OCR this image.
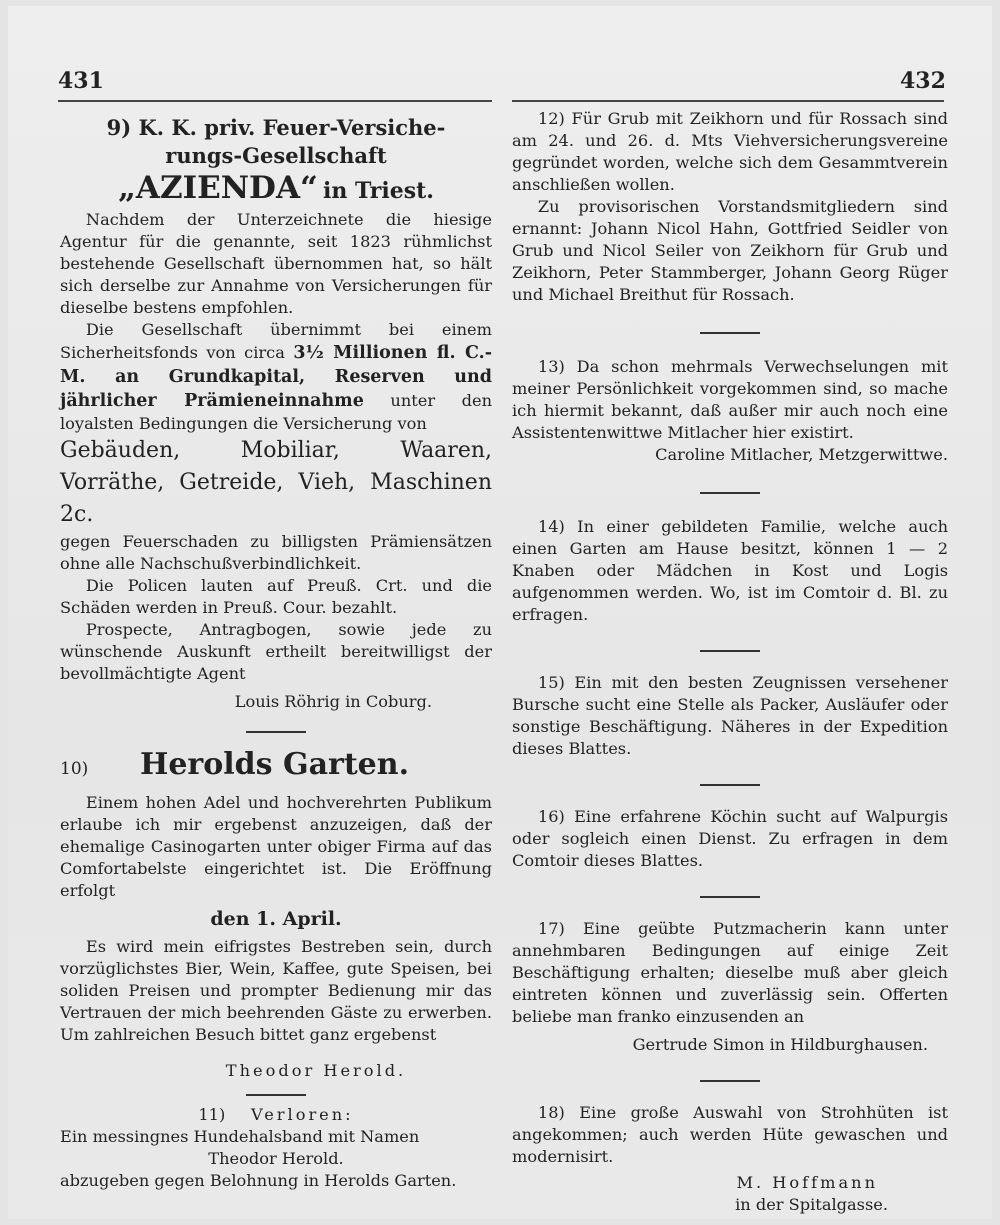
431	432

9) K. K. priv. Feuer-Versiche-

rungs-Gesellschaft

„AZIENDA“ in Triest.

Nachdem der Unterzeichnete die hiesige Agentur für die genannte, seit 1823 rühmlichst bestehende Gesellschaft übernommen hat, so hält sich derselbe zur Annahme von Versicherungen für dieselbe bestens empfohlen.

Die Gesellschaft übernimmt bei einem Sicherheitsfonds von circa 3½ Millionen fl. C.-M. an Grundkapital, Reserven und jährlicher Prämieneinnahme unter den loyalsten Bedingungen die Versicherung von

Gebäuden, Mobiliar, Waaren, Vorräthe, Getreide, Vieh, Maschinen 2c.

gegen Feuerschaden zu billigsten Prämiensätzen ohne alle Nachschußverbindlichkeit.

Die Policen lauten auf Preuß. Crt. und die Schäden werden in Preuß. Cour. bezahlt.

Prospecte, Antragbogen, sowie jede zu wünschende Auskunft ertheilt bereitwilligst der bevollmächtigte Agent

Louis Röhrig in Coburg.

10)	Herolds Garten.

Einem hohen Adel und hochverehrten Publikum erlaube ich mir ergebenst anzuzeigen, daß der ehemalige Casinogarten unter obiger Firma auf das Comfortabelste eingerichtet ist. Die Eröffnung erfolgt

den 1. April.

Es wird mein eifrigstes Bestreben sein, durch vorzüglichstes Bier, Wein, Kaffee, gute Speisen, bei soliden Preisen und prompter Bedienung mir das Vertrauen der mich beehrenden Gäste zu erwerben. Um zahlreichen Besuch bittet ganz ergebenst

Theodor Herold.

11) Verloren:

Ein messingnes Hundehalsband mit Namen

Theodor Herold.

abzugeben gegen Belohnung in Herolds Garten.

12) Für Grub mit Zeikhorn und für Rossach sind am 24. und 26. d. Mts Viehversicherungsvereine gegründet worden, welche sich dem Gesammtverein anschließen wollen.

Zu provisorischen Vorstandsmitgliedern sind ernannt: Johann Nicol Hahn, Gottfried Seidler von Grub und Nicol Seiler von Zeikhorn für Grub und Zeikhorn, Peter Stammberger, Johann Georg Rüger und Michael Breithut für Rossach.

13) Da schon mehrmals Verwechselungen mit meiner Persönlichkeit vorgekommen sind, so mache ich hiermit bekannt, daß außer mir auch noch eine Assistentenwittwe Mitlacher hier existirt.

Caroline Mitlacher, Metzgerwittwe.

14) In einer gebildeten Familie, welche auch einen Garten am Hause besitzt, können 1 — 2 Knaben oder Mädchen in Kost und Logis aufgenommen werden. Wo, ist im Comtoir d. Bl. zu erfragen.

15) Ein mit den besten Zeugnissen versehener Bursche sucht eine Stelle als Packer, Ausläufer oder sonstige Beschäftigung. Näheres in der Expedition dieses Blattes.

16) Eine erfahrene Köchin sucht auf Walpurgis oder sogleich einen Dienst. Zu erfragen in dem Comtoir dieses Blattes.

17) Eine geübte Putzmacherin kann unter annehmbaren Bedingungen auf einige Zeit Beschäftigung erhalten; dieselbe muß aber gleich eintreten können und zuverlässig sein. Offerten beliebe man franko einzusenden an

Gertrude Simon in Hildburghausen.

18) Eine große Auswahl von Strohhüten ist angekommen; auch werden Hüte gewaschen und modernisirt.

M. Hoffmann

in der Spitalgasse.
